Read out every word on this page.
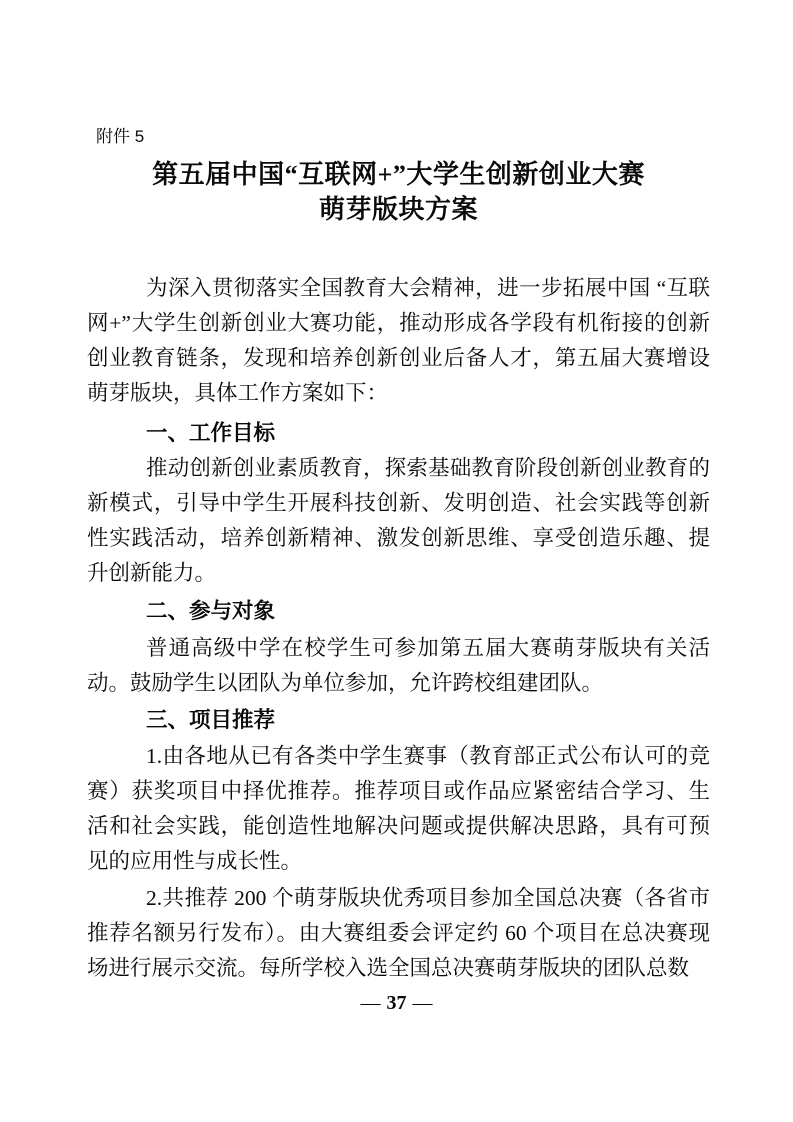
附件 5
第五届中国“互联网+”大学生创新创业大赛
萌芽版块方案

为深入贯彻落实全国教育大会精神，进一步拓展中国 “互联网+”大学生创新创业大赛功能，推动形成各学段有机衔接的创新创业教育链条，发现和培养创新创业后备人才，第五届大赛增设萌芽版块，具体工作方案如下：

一、工作目标

推动创新创业素质教育，探索基础教育阶段创新创业教育的新模式，引导中学生开展科技创新、发明创造、社会实践等创新性实践活动，培养创新精神、激发创新思维、享受创造乐趣、提升创新能力。

二、参与对象

普通高级中学在校学生可参加第五届大赛萌芽版块有关活动。鼓励学生以团队为单位参加，允许跨校组建团队。

三、项目推荐

1.由各地从已有各类中学生赛事（教育部正式公布认可的竞赛）获奖项目中择优推荐。推荐项目或作品应紧密结合学习、生活和社会实践，能创造性地解决问题或提供解决思路，具有可预见的应用性与成长性。

2.共推荐 200 个萌芽版块优秀项目参加全国总决赛（各省市推荐名额另行发布）。由大赛组委会评定约 60 个项目在总决赛现场进行展示交流。每所学校入选全国总决赛萌芽版块的团队总数

— 37 —
